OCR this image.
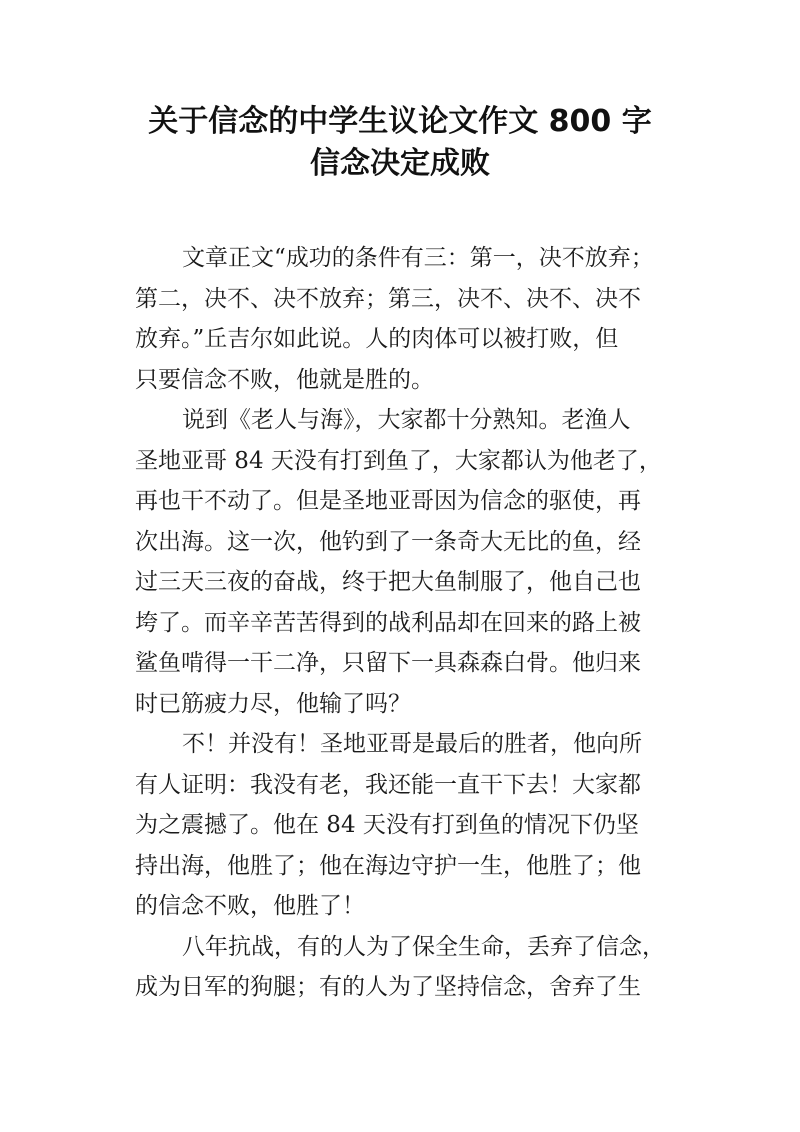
关于信念的中学生议论文作文 800 字
信念决定成败
文章正文“成功的条件有三：第一，决不放弃；
第二，决不、决不放弃；第三，决不、决不、决不
放弃。”丘吉尔如此说。人的肉体可以被打败，但
只要信念不败，他就是胜的。
说到《老人与海》，大家都十分熟知。老渔人
圣地亚哥 84 天没有打到鱼了，大家都认为他老了，
再也干不动了。但是圣地亚哥因为信念的驱使，再
次出海。这一次，他钓到了一条奇大无比的鱼，经
过三天三夜的奋战，终于把大鱼制服了，他自己也
垮了。而辛辛苦苦得到的战利品却在回来的路上被
鲨鱼啃得一干二净，只留下一具森森白骨。他归来
时已筋疲力尽，他输了吗？
不！并没有！圣地亚哥是最后的胜者，他向所
有人证明：我没有老，我还能一直干下去！大家都
为之震撼了。他在 84 天没有打到鱼的情况下仍坚
持出海，他胜了；他在海边守护一生，他胜了；他
的信念不败，他胜了！
八年抗战，有的人为了保全生命，丢弃了信念，
成为日军的狗腿；有的人为了坚持信念，舍弃了生
